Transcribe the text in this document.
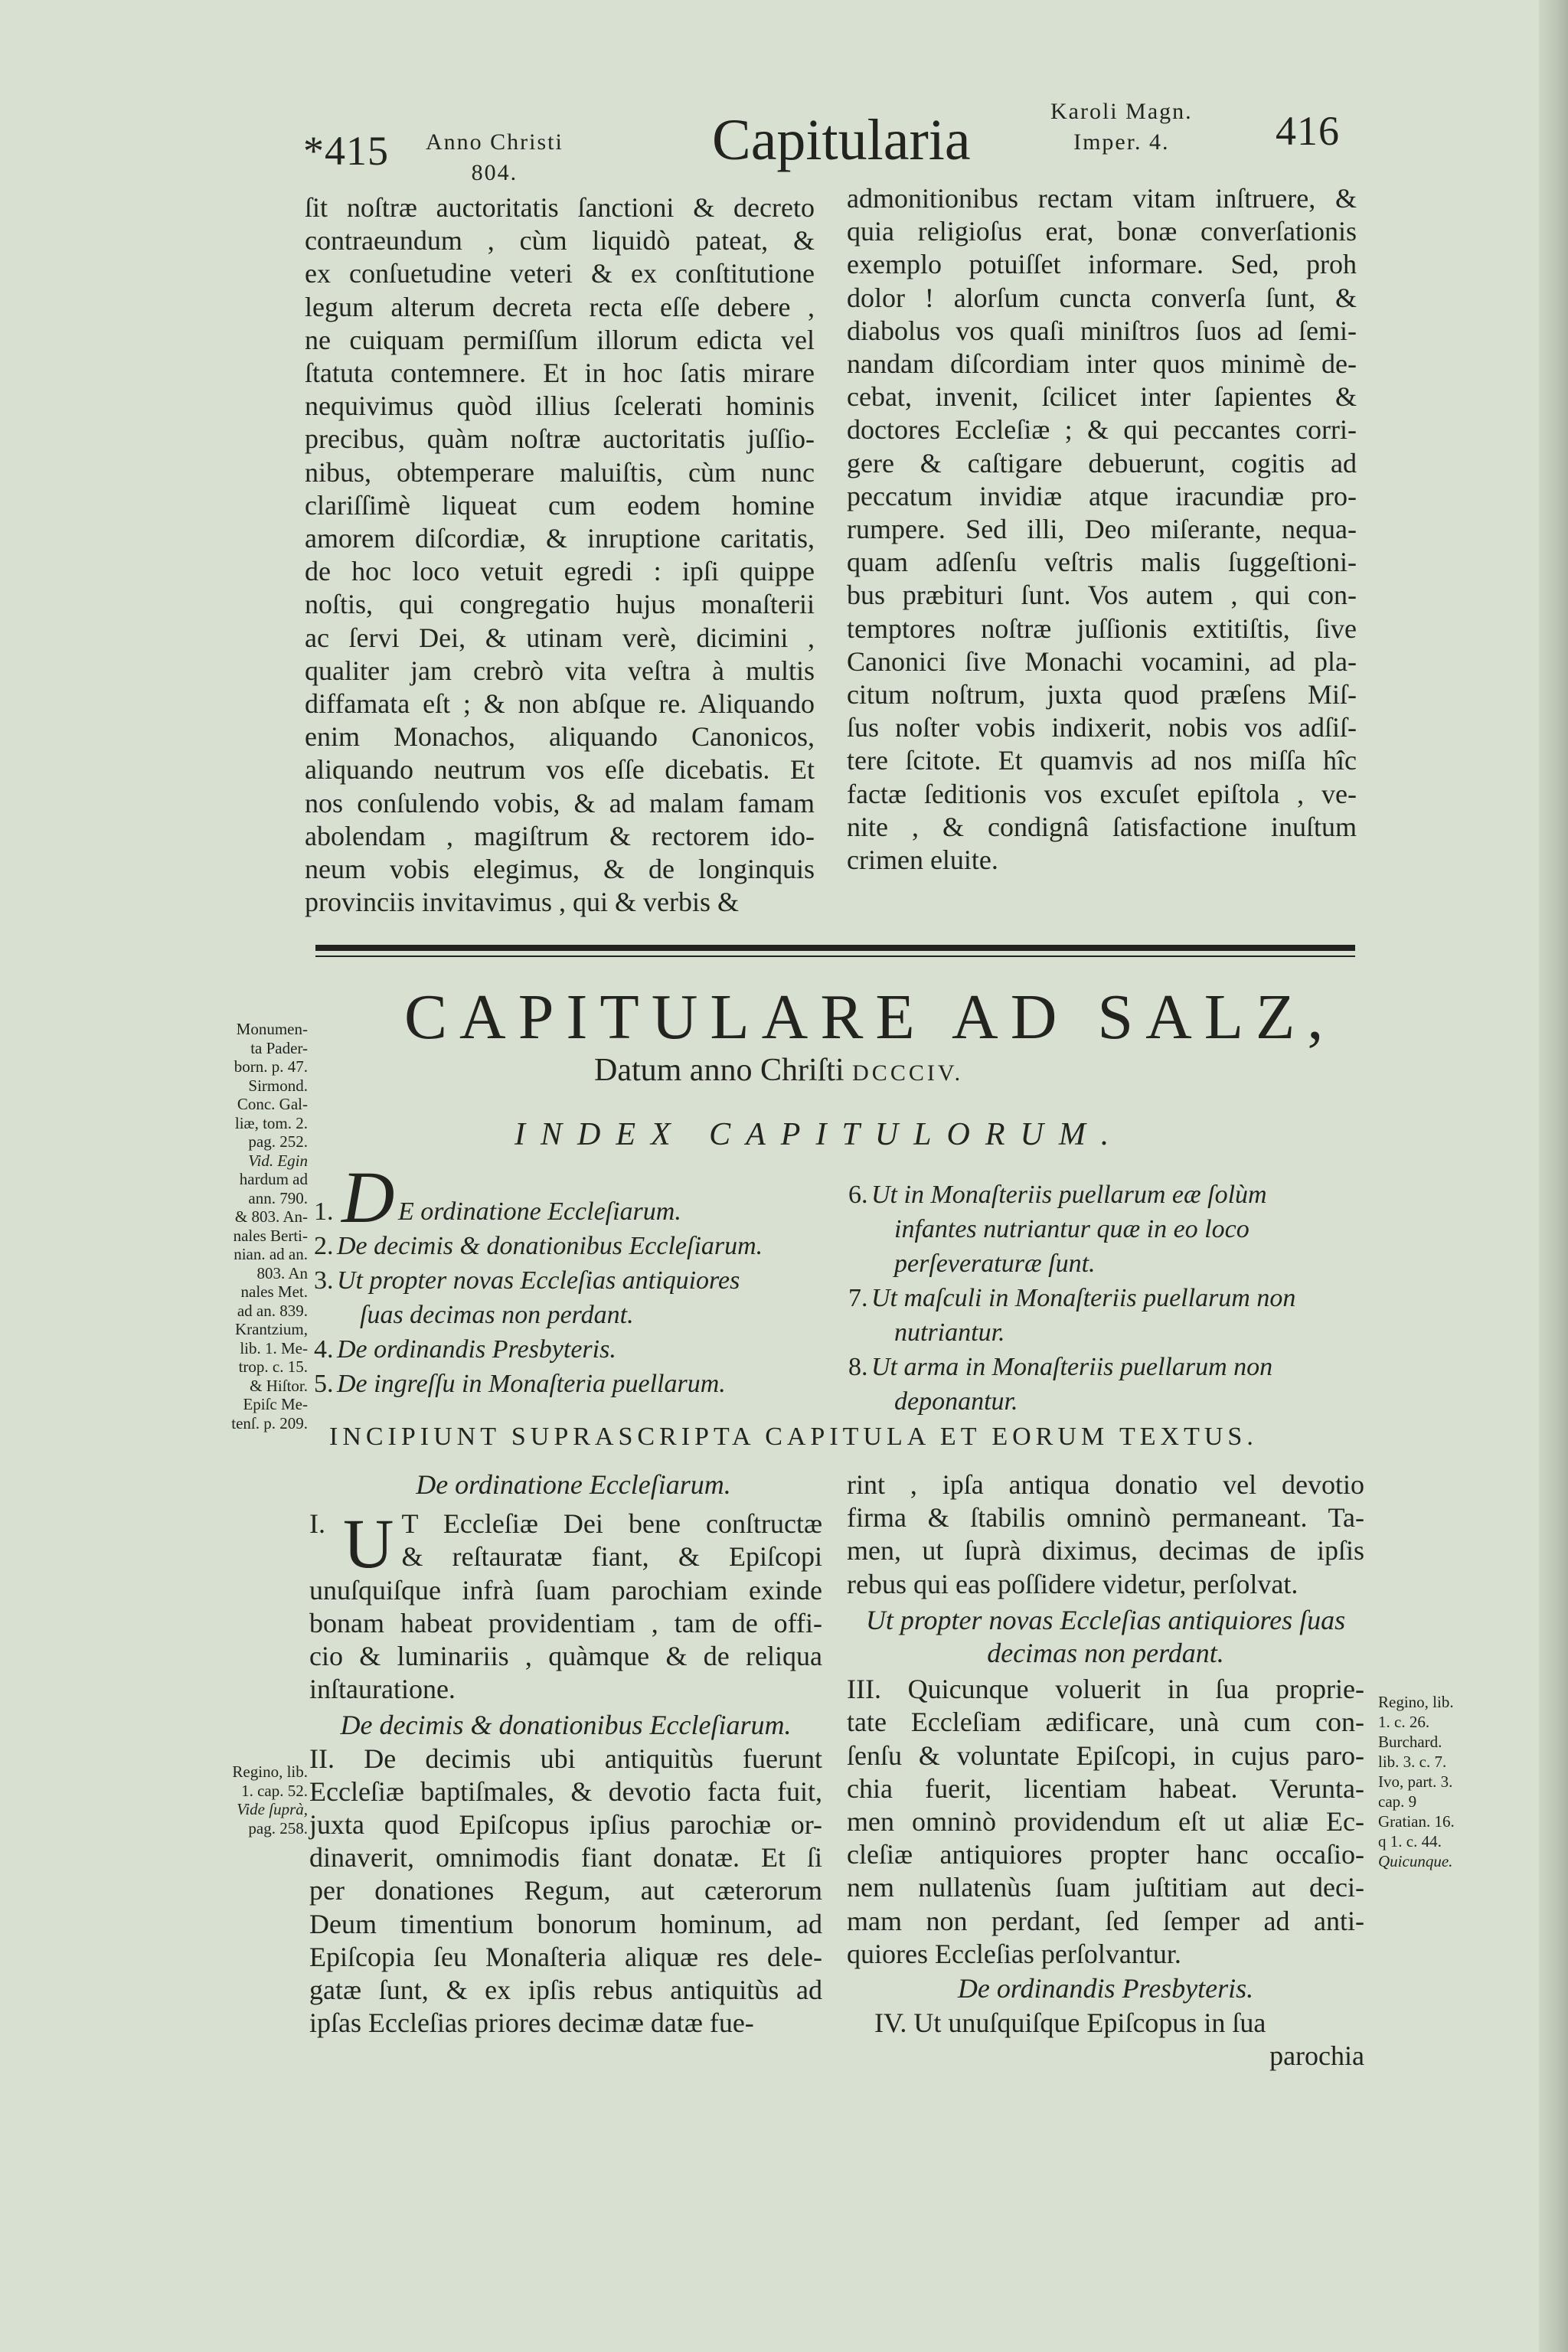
*415 Anno Christi
804.
Capitularia	Karoli Magn.
Imper. 4.	416
ſit noſtræ auctoritatis ſanctioni & decreto
contraeundum , cùm liquidò pateat, &
ex conſuetudine veteri & ex conſtitutione
legum alterum decreta recta eſſe debere ,
ne cuiquam permiſſum illorum edicta vel
ſtatuta contemnere. Et in hoc ſatis mirare
nequivimus quòd illius ſcelerati hominis
precibus, quàm noſtræ auctoritatis juſſio-
nibus, obtemperare maluiſtis, cùm nunc
clariſſimè liqueat cum eodem homine
amorem diſcordiæ, & inruptione caritatis,
de hoc loco vetuit egredi : ipſi quippe
noſtis, qui congregatio hujus monaſterii
ac ſervi Dei, & utinam verè, dicimini ,
qualiter jam crebrò vita veſtra à multis
diffamata eſt ; & non abſque re. Aliquando
enim Monachos, aliquando Canonicos,
aliquando neutrum vos eſſe dicebatis. Et
nos conſulendo vobis, & ad malam famam
abolendam , magiſtrum & rectorem ido-
neum vobis elegimus, & de longinquis
provinciis invitavimus , qui & verbis &
admonitionibus rectam vitam inſtruere, &
quia religioſus erat, bonæ converſationis
exemplo potuiſſet informare. Sed, proh
dolor ! alorſum cuncta converſa ſunt, &
diabolus vos quaſi miniſtros ſuos ad ſemi-
nandam diſcordiam inter quos minimè de-
cebat, invenit, ſcilicet inter ſapientes &
doctores Eccleſiæ ; & qui peccantes corri-
gere & caſtigare debuerunt, cogitis ad
peccatum invidiæ atque iracundiæ pro-
rumpere. Sed illi, Deo miſerante, nequa-
quam adſenſu veſtris malis ſuggeſtioni-
bus præbituri ſunt. Vos autem , qui con-
temptores noſtræ juſſionis extitiſtis, ſive
Canonici ſive Monachi vocamini, ad pla-
citum noſtrum, juxta quod præſens Miſ-
ſus noſter vobis indixerit, nobis vos adſiſ-
tere ſcitote. Et quamvis ad nos miſſa hîc
factæ ſeditionis vos excuſet epiſtola , ve-
nite , & condignâ ſatisfactione inuſtum
crimen eluite.
CAPITULARE AD SALZ,
Datum anno Chriſti DCCCIV.
INDEX CAPITULORUM.
1. D E ordinatione Eccleſiarum.
2. De decimis & donationibus Eccleſiarum.
3. Ut propter novas Eccleſias antiquiores
ſuas decimas non perdant.
4. De ordinandis Presbyteris.
5. De ingreſſu in Monaſteria puellarum.
6. Ut in Monaſteriis puellarum eæ ſolùm
infantes nutriantur quæ in eo loco
perſeveraturæ ſunt.
7. Ut maſculi in Monaſteriis puellarum non
nutriantur.
8. Ut arma in Monaſteriis puellarum non
deponantur.
INCIPIUNT SUPRASCRIPTA CAPITULA ET EORUM TEXTUS.

De ordinatione Eccleſiarum.

I. U T Eccleſiæ Dei bene conſtructæ
& reſtauratæ fiant, & Epiſcopi
unuſquiſque infrà ſuam parochiam exinde
bonam habeat providentiam , tam de offi-
cio & luminariis , quàmque & de reliqua
inſtauratione.

De decimis & donationibus Eccleſiarum.

II. De decimis ubi antiquitùs fuerunt
Eccleſiæ baptiſmales, & devotio facta fuit,
juxta quod Epiſcopus ipſius parochiæ or-
dinaverit, omnimodis fiant donatæ. Et ſi
per donationes Regum, aut cæterorum
Deum timentium bonorum hominum, ad
Epiſcopia ſeu Monaſteria aliquæ res dele-
gatæ ſunt, & ex ipſis rebus antiquitùs ad
ipſas Eccleſias priores decimæ datæ fue-
rint , ipſa antiqua donatio vel devotio
firma & ſtabilis omninò permaneant. Ta-
men, ut ſuprà diximus, decimas de ipſis
rebus qui eas poſſidere videtur, perſolvat.

Ut propter novas Eccleſias antiquiores ſuas decimas non perdant.

III. Quicunque voluerit in ſua proprie-
tate Eccleſiam ædificare, unà cum con-
ſenſu & voluntate Epiſcopi, in cujus paro-
chia fuerit, licentiam habeat. Verunta-
men omninò providendum eſt ut aliæ Ec-
cleſiæ antiquiores propter hanc occaſio-
nem nullatenùs ſuam juſtitiam aut deci-
mam non perdant, ſed ſemper ad anti-
quiores Eccleſias perſolvantur.

De ordinandis Presbyteris.

IV. Ut unuſquiſque Epiſcopus in ſua

parochia

Monumen-
ta Pader-
born. p. 47.
Sirmond.
Conc. Gal-
liæ, tom. 2.
pag. 252.
Vid. Egin
hardum ad
ann. 790.
& 803. An-
nales Berti-
nian. ad an.
803. An
nales Met.
ad an. 839.
Krantzium,
lib. 1. Me-
trop. c. 15.
& Hiſtor.
Epiſc Me-
tenſ. p. 209.
Regino, lib.
1. cap. 52.
Vide ſuprà,
pag. 258.
Regino, lib.
1. c. 26.
Burchard.
lib. 3. c. 7.
Ivo, part. 3.
cap. 9
Gratian. 16.
q 1. c. 44.
Quicunque.
